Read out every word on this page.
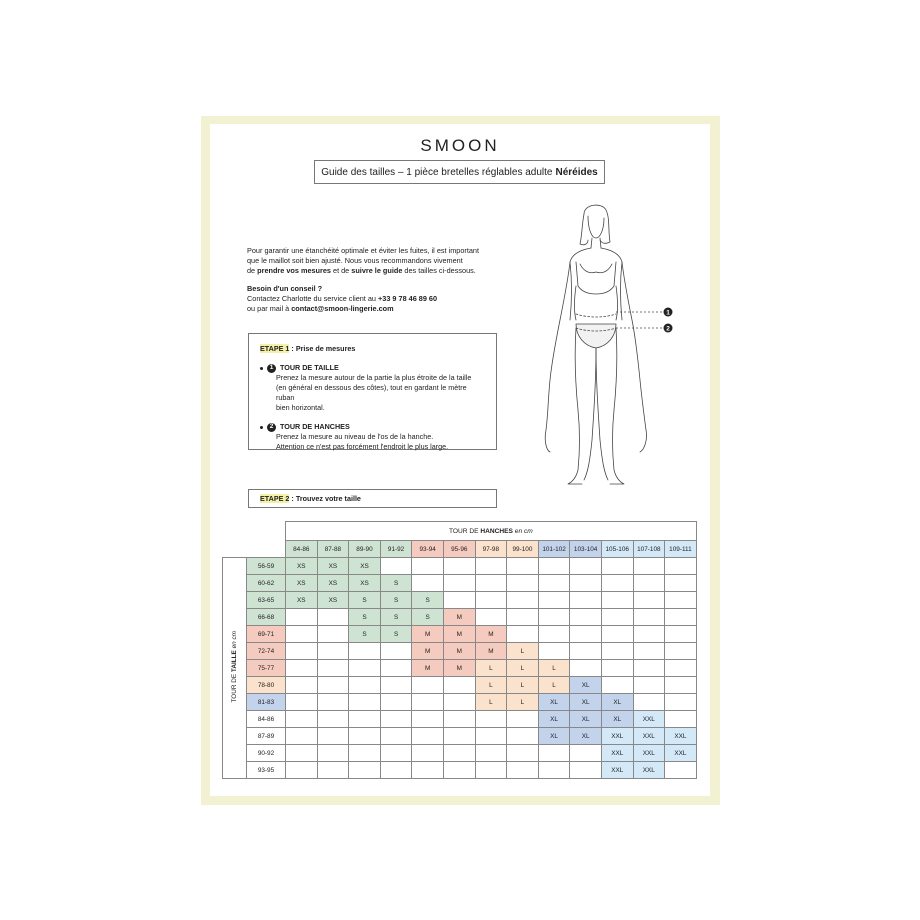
SMOON
Guide des tailles – 1 pièce bretelles réglables adulte Néréides

Pour garantir une étanchéité optimale et éviter les fuites, il est important

que le maillot soit bien ajusté. Nous vous recommandons vivement

de prendre vos mesures et de suivre le guide des tailles ci-dessous.

Besoin d'un conseil ?

Contactez Charlotte du service client au +33 9 78 46 89 60

ou par mail à contact@smoon-lingerie.com

ETAPE 1 : Prise de mesures
1 TOUR DE TAILLE
Prenez la mesure autour de la partie la plus étroite de la taille
(en général en dessous des côtes), tout en gardant le mètre ruban
bien horizontal.
2 TOUR DE HANCHES
Prenez la mesure au niveau de l'os de la hanche.
Attention ce n'est pas forcément l'endroit le plus large.
ETAPE 2 : Trouvez votre taille
1
2
		TOUR DE HANCHES en cm												
		84-86	87-88	89-90	91-92	93-94	95-96	97-98	99-100	101-102	103-104	105-106	107-108	109-111
TOUR DE TAILLE en cm	56-59	XS	XS	XS										
	60-62	XS	XS	XS	S									
	63-65	XS	XS	S	S	S								
	66-68			S	S	S	M							
	69-71			S	S	M	M	M						
	72-74					M	M	M	L					
	75-77					M	M	L	L	L				
	78-80							L	L	L	XL			
	81-83							L	L	XL	XL	XL		
	84-86									XL	XL	XL	XXL	
	87-89									XL	XL	XXL	XXL	XXL
	90-92											XXL	XXL	XXL
	93-95											XXL	XXL	
